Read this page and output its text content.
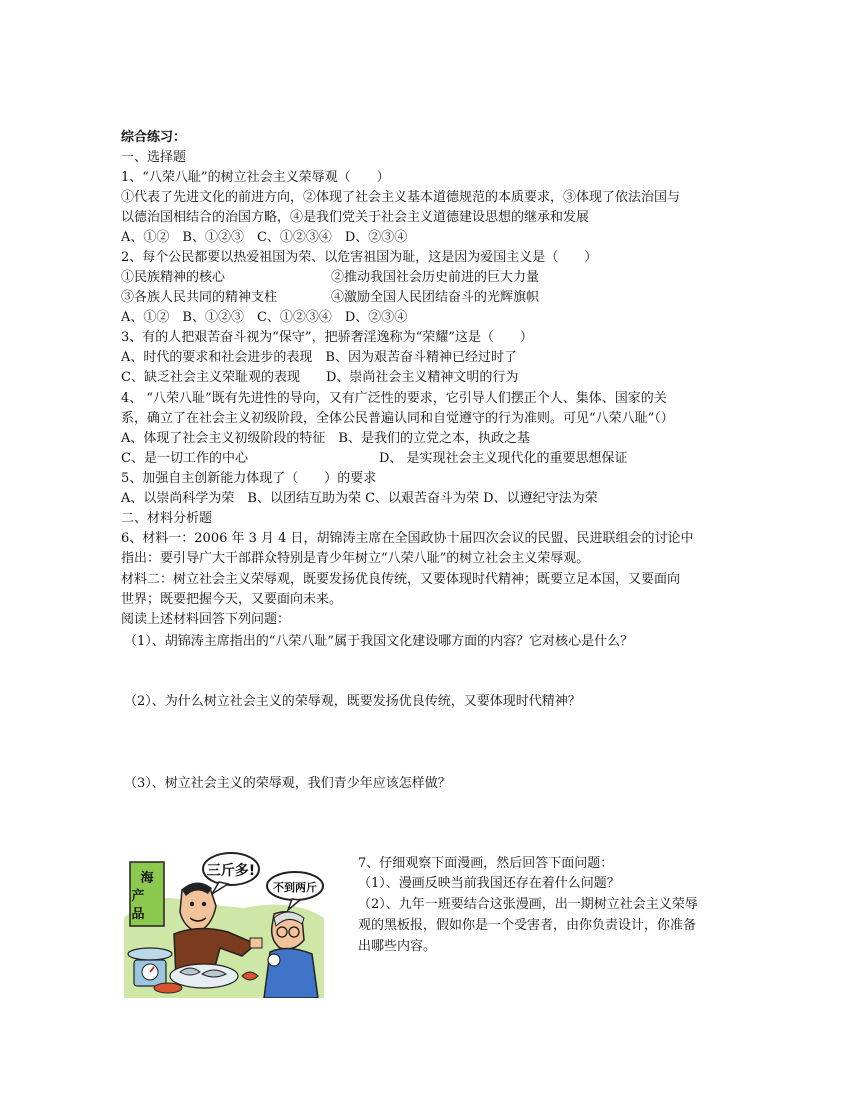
综合练习：
一、选择题
1、“八荣八耻”的树立社会主义荣辱观（　　）
①代表了先进文化的前进方向，②体现了社会主义基本道德规范的本质要求，③体现了依法治国与
以德治国相结合的治国方略，④是我们党关于社会主义道德建设思想的继承和发展
A、①②　B、①②③　C、①②③④　D、②③④
2、每个公民都要以热爱祖国为荣、以危害祖国为耻，这是因为爱国主义是（　　）
①民族精神的核心	②推动我国社会历史前进的巨大力量
③各族人民共同的精神支柱	④激励全国人民团结奋斗的光辉旗帜
A、①②　B、①②③　C、①②③④　D、②③④
3、有的人把艰苦奋斗视为“保守”，把骄奢淫逸称为“荣耀”这是（　　）
A、时代的要求和社会进步的表现　B、因为艰苦奋斗精神已经过时了
C、缺乏社会主义荣耻观的表现　　D、崇尚社会主义精神文明的行为
4、 “八荣八耻”既有先进性的导向，又有广泛性的要求，它引导人们摆正个人、集体、国家的关
系，确立了在社会主义初级阶段，全体公民普遍认同和自觉遵守的行为准则。可见“八荣八耻”（）
A、体现了社会主义初级阶段的特征　B、是我们的立党之本，执政之基
C、是一切工作的中心	D、 是实现社会主义现代化的重要思想保证
5、加强自主创新能力体现了（　　）的要求
A、以崇尚科学为荣　B、以团结互助为荣 C、以艰苦奋斗为荣 D、以遵纪守法为荣
二、材料分析题
6、材料一：2006 年 3 月 4 日，胡锦涛主席在全国政协十届四次会议的民盟、民进联组会的讨论中
指出：要引导广大干部群众特别是青少年树立“八荣八耻”的树立社会主义荣辱观。
材料二：树立社会主义荣辱观，既要发扬优良传统，又要体现时代精神；既要立足本国，又要面向
世界；既要把握今天，又要面向未来。
阅读上述材料回答下列问题：
（1）、胡锦涛主席指出的“八荣八耻”属于我国文化建设哪方面的内容？它对核心是什么？
（2）、为什么树立社会主义的荣辱观，既要发扬优良传统，又要体现时代精神？
（3）、树立社会主义的荣辱观，我们青少年应该怎样做？
海
产
品
三斤多!
不到两斤
7、仔细观察下面漫画，然后回答下面问题：
（1）、漫画反映当前我国还存在着什么问题？
（2）、九年一班要结合这张漫画，出一期树立社会主义荣辱
观的黑板报，假如你是一个受害者，由你负责设计，你准备
出哪些内容。
